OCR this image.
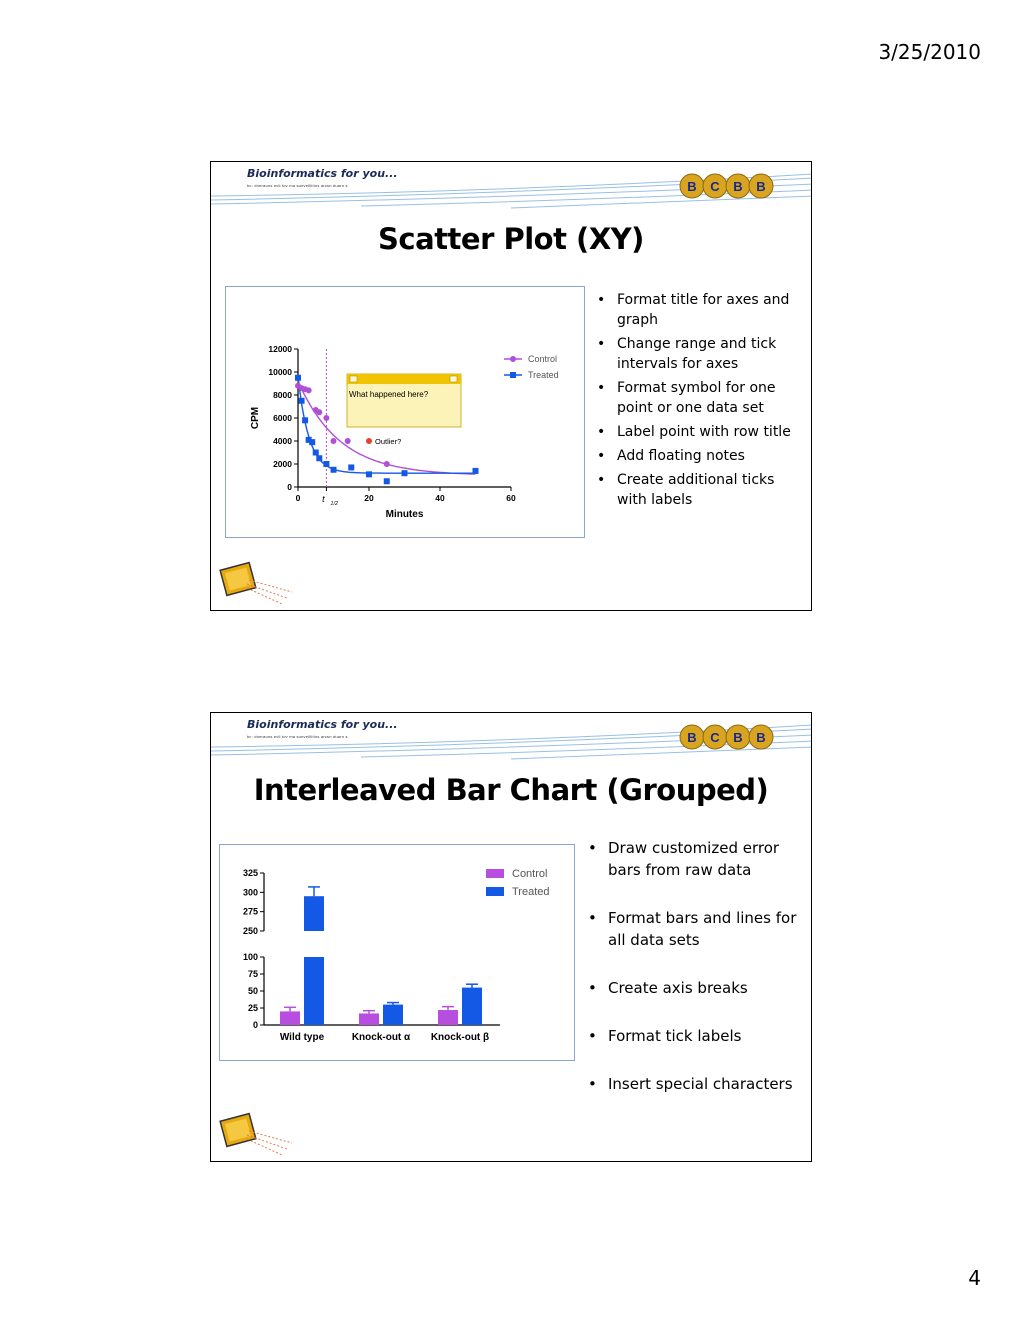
3/25/2010
B C B B
Bioinformatics for you...
bc: dneraons evil tov ma sunvelllitios arcsn duarn s
Scatter Plot (XY)
0
2000
4000
6000
8000
10000
12000
0	20	40	60
t 1/2
Minutes
CPM
Outlier?
What happened here?
Control
Treated
• Format title for axes and graph
• Change range and tick intervals for axes
• Format symbol for one point or one data set
• Label point with row title
• Add floating notes
• Create additional ticks with labels
B C B B
Bioinformatics for you...
bc: dneraons evil tov ma sunvelllitios arcsn duarn s
Interleaved Bar Chart (Grouped)
0
25
50
75
100
250
275
300
325
Wild type	Knock-out α Knock-out β
Control
Treated
• Draw customized error bars from raw data
• Format bars and lines for all data sets
• Create axis breaks
• Format tick labels
• Insert special characters
4
